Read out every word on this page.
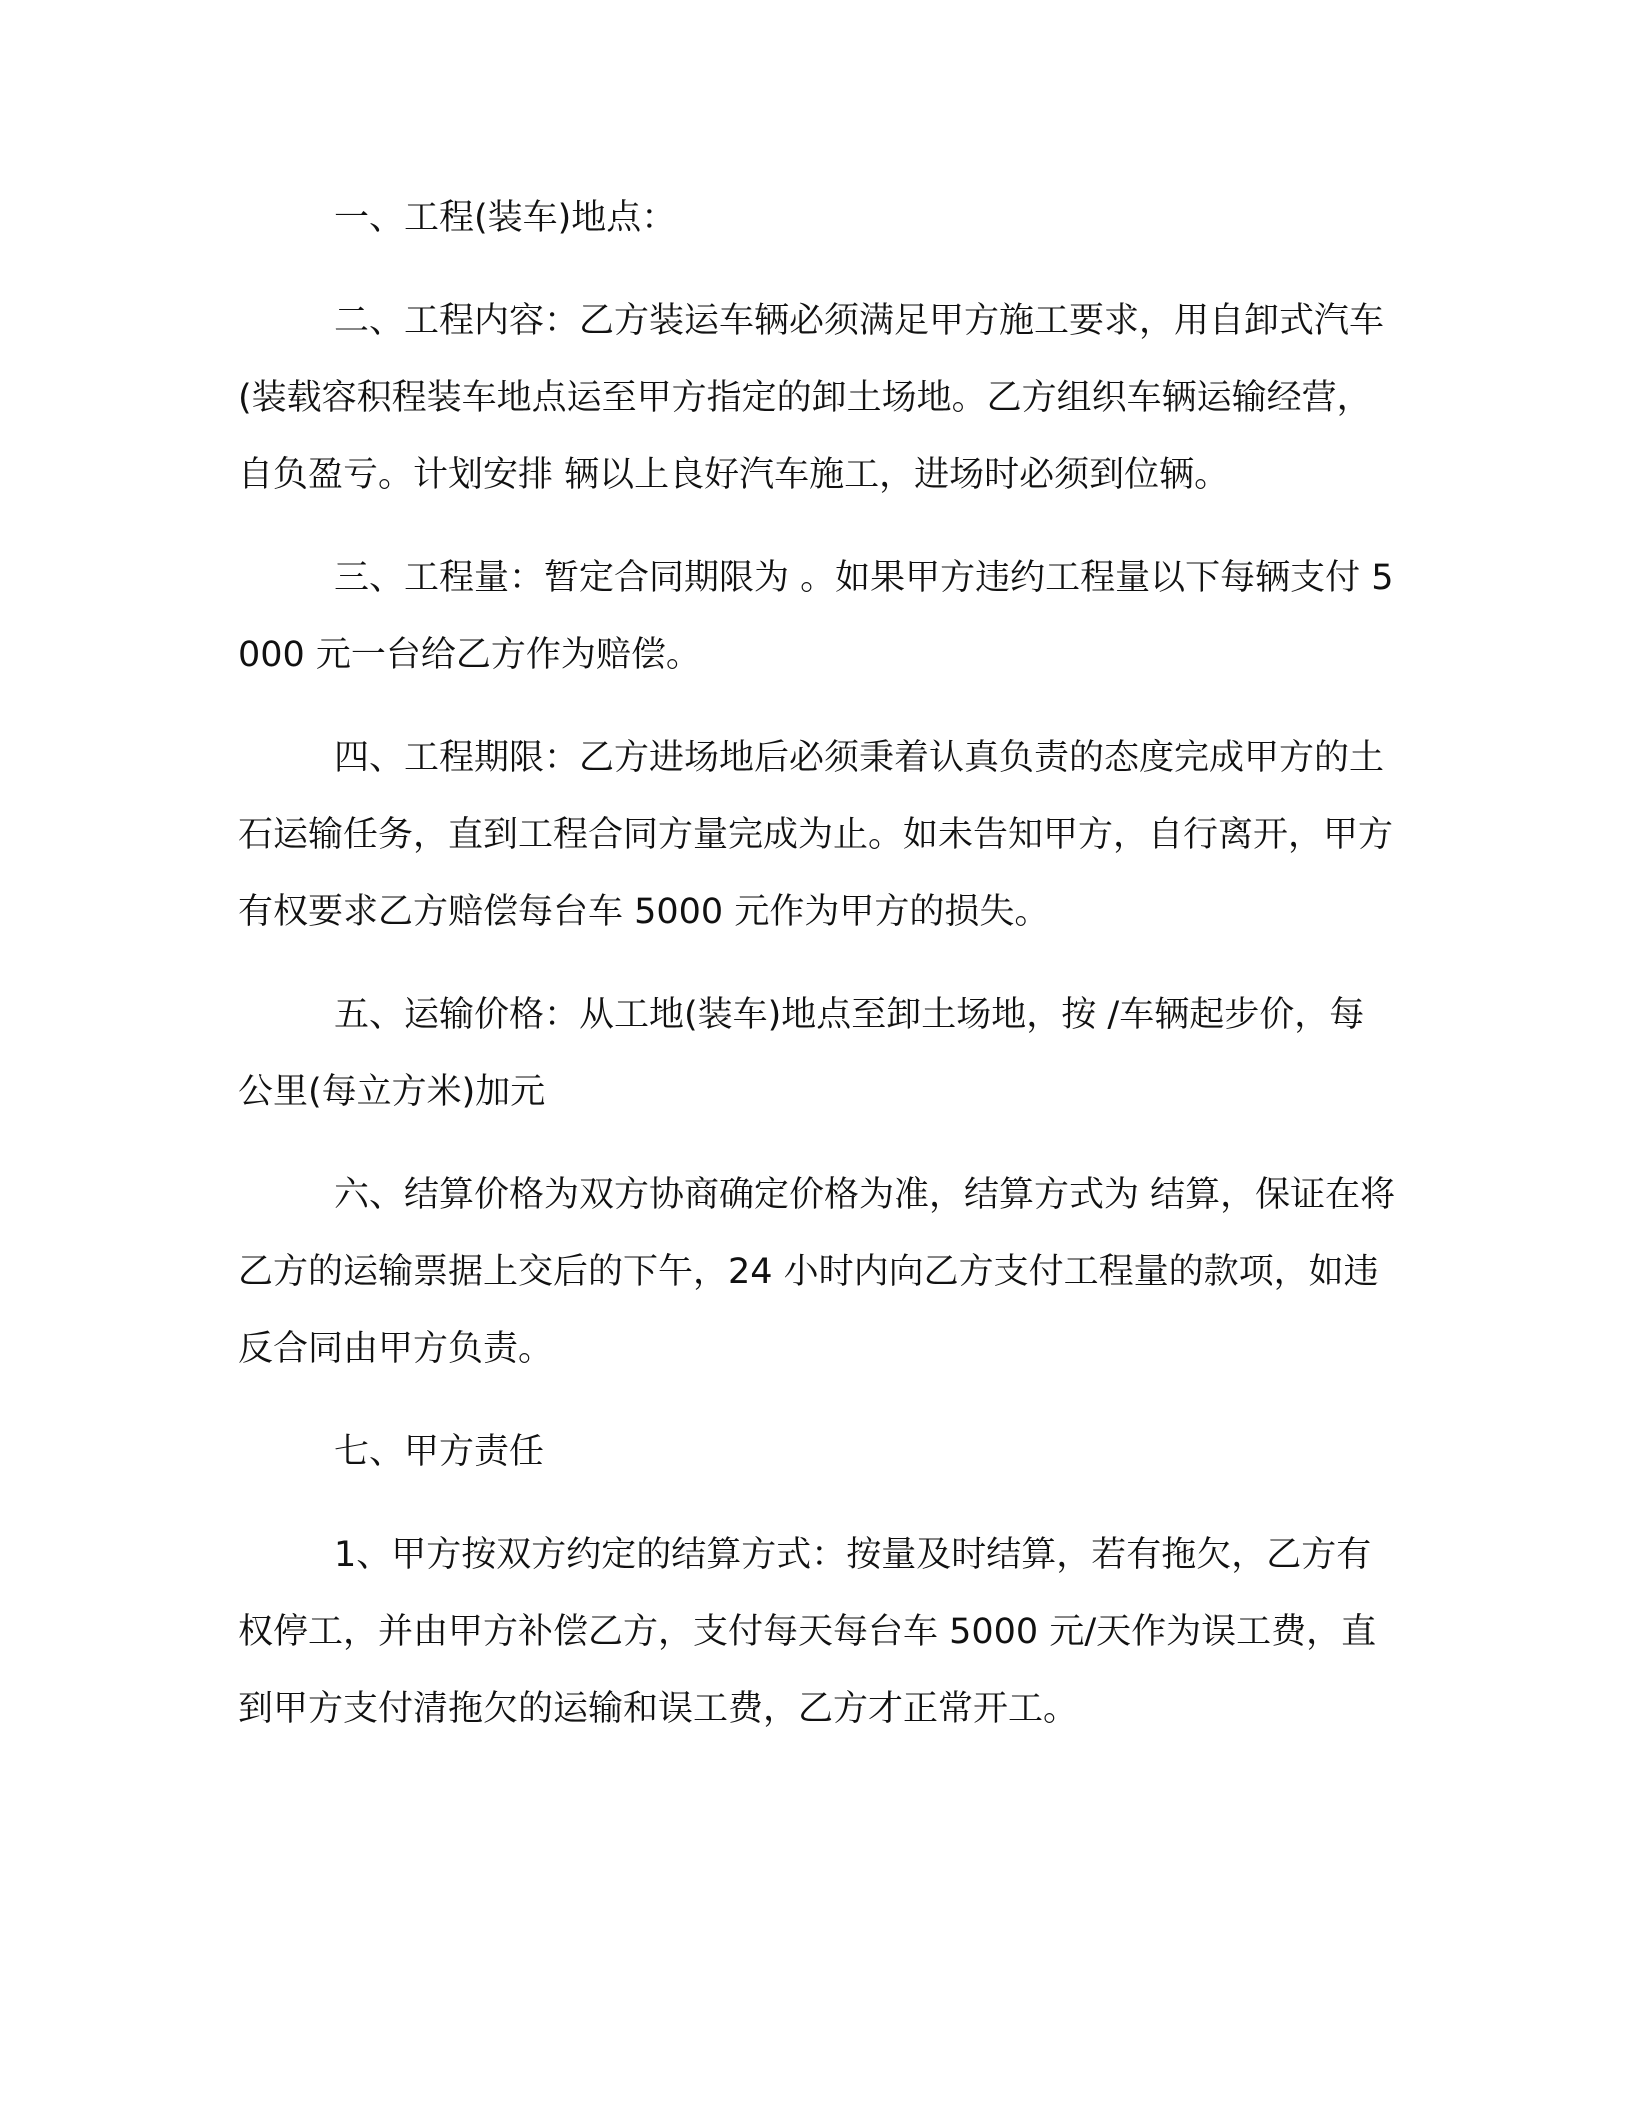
一、工程(装车)地点：

二、工程内容：乙方装运车辆必须满足甲方施工要求，用自卸式汽车(装载容积程装车地点运至甲方指定的卸土场地。乙方组织车辆运输经营，自负盈亏。计划安排 辆以上良好汽车施工，进场时必须到位辆。

三、工程量：暂定合同期限为 。如果甲方违约工程量以下每辆支付 5000 元一台给乙方作为赔偿。

四、工程期限：乙方进场地后必须秉着认真负责的态度完成甲方的土石运输任务，直到工程合同方量完成为止。如未告知甲方，自行离开，甲方有权要求乙方赔偿每台车 5000 元作为甲方的损失。

五、运输价格：从工地(装车)地点至卸土场地，按 /车辆起步价，每公里(每立方米)加元

六、结算价格为双方协商确定价格为准，结算方式为 结算，保证在将乙方的运输票据上交后的下午，24 小时内向乙方支付工程量的款项，如违反合同由甲方负责。

七、甲方责任

1、甲方按双方约定的结算方式：按量及时结算，若有拖欠，乙方有权停工，并由甲方补偿乙方，支付每天每台车 5000 元/天作为误工费，直到甲方支付清拖欠的运输和误工费，乙方才正常开工。
